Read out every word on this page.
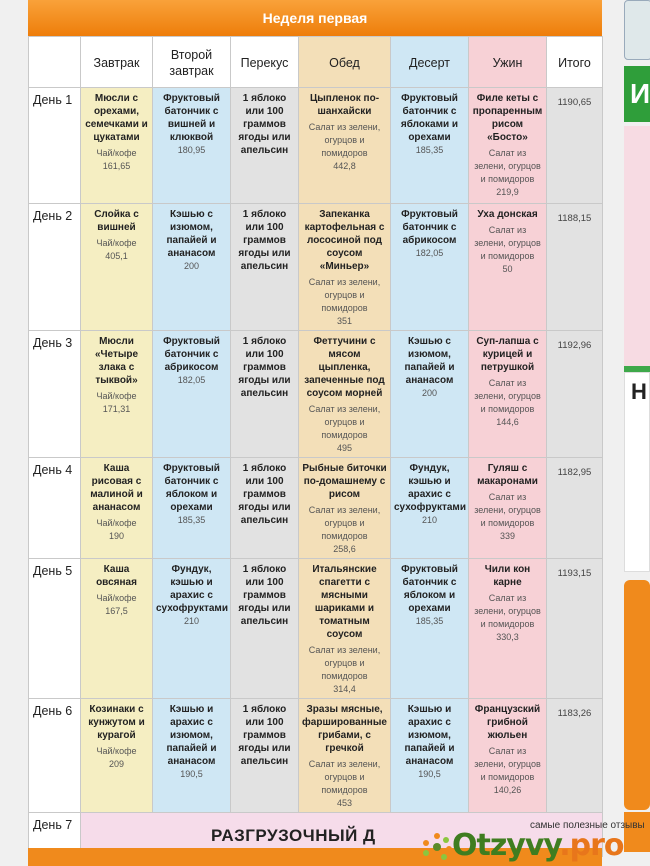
Неделя первая
	Завтрак	Второй завтрак	Перекус	Обед	Десерт	Ужин	Итого
День 1	Мюсли с орехами, семечками и цукатами
Чай/кофе
161,65	Фруктовый батончик с вишней и клюквой
180,95	1 яблоко или 100 граммов ягоды или апельсин	Цыпленок по-шанхайски
Салат из зелени, огурцов и помидоров
442,8	Фруктовый батончик с яблоками и орехами
185,35	Филе кеты с пропаренным рисом «Босто»
Салат из зелени, огурцов и помидоров
219,9	1190,65
День 2	Слойка с вишней
Чай/кофе
405,1	Кэшью с изюмом, папайей и ананасом
200	1 яблоко или 100 граммов ягоды или апельсин	Запеканка картофельная с лососиной под соусом «Миньер»
Салат из зелени, огурцов и помидоров
351	Фруктовый батончик с абрикосом
182,05	Уха донская
Салат из зелени, огурцов и помидоров
50	1188,15
День 3	Мюсли «Четыре злака с тыквой»
Чай/кофе
171,31	Фруктовый батончик с абрикосом
182,05	1 яблоко или 100 граммов ягоды или апельсин	Феттучини с мясом цыпленка, запеченные под соусом морней
Салат из зелени, огурцов и помидоров
495	Кэшью с изюмом, папайей и ананасом
200	Суп-лапша с курицей и петрушкой
Салат из зелени, огурцов и помидоров
144,6	1192,96
День 4	Каша рисовая с малиной и ананасом
Чай/кофе
190	Фруктовый батончик с яблоком и орехами
185,35	1 яблоко или 100 граммов ягоды или апельсин	Рыбные биточки по-домашнему с рисом
Салат из зелени, огурцов и помидоров
258,6	Фундук, кэшью и арахис с сухофруктами
210	Гуляш с макаронами
Салат из зелени, огурцов и помидоров
339	1182,95
День 5	Каша овсяная
Чай/кофе
167,5	Фундук, кэшью и арахис с сухофруктами
210	1 яблоко или 100 граммов ягоды или апельсин	Итальянские спагетти с мясными шариками и томатным соусом
Салат из зелени, огурцов и помидоров
314,4	Фруктовый батончик с яблоком и орехами
185,35	Чили кон карне
Салат из зелени, огурцов и помидоров
330,3	1193,15
День 6	Козинаки с кунжутом и курагой
Чай/кофе
209	Кэшью и арахис с изюмом, папайей и ананасом
190,5	1 яблоко или 100 граммов ягоды или апельсин	Зразы мясные, фаршированные грибами, с гречкой
Салат из зелени, огурцов и помидоров
453	Кэшью и арахис с изюмом, папайей и ананасом
190,5	Французский грибной жюльен
Салат из зелени, огурцов и помидоров
140,26	1183,26
День 7	РАЗГРУЗОЧНЫЙ Д						
И
Н
самые полезные отзывы
Otzyvy.pro
